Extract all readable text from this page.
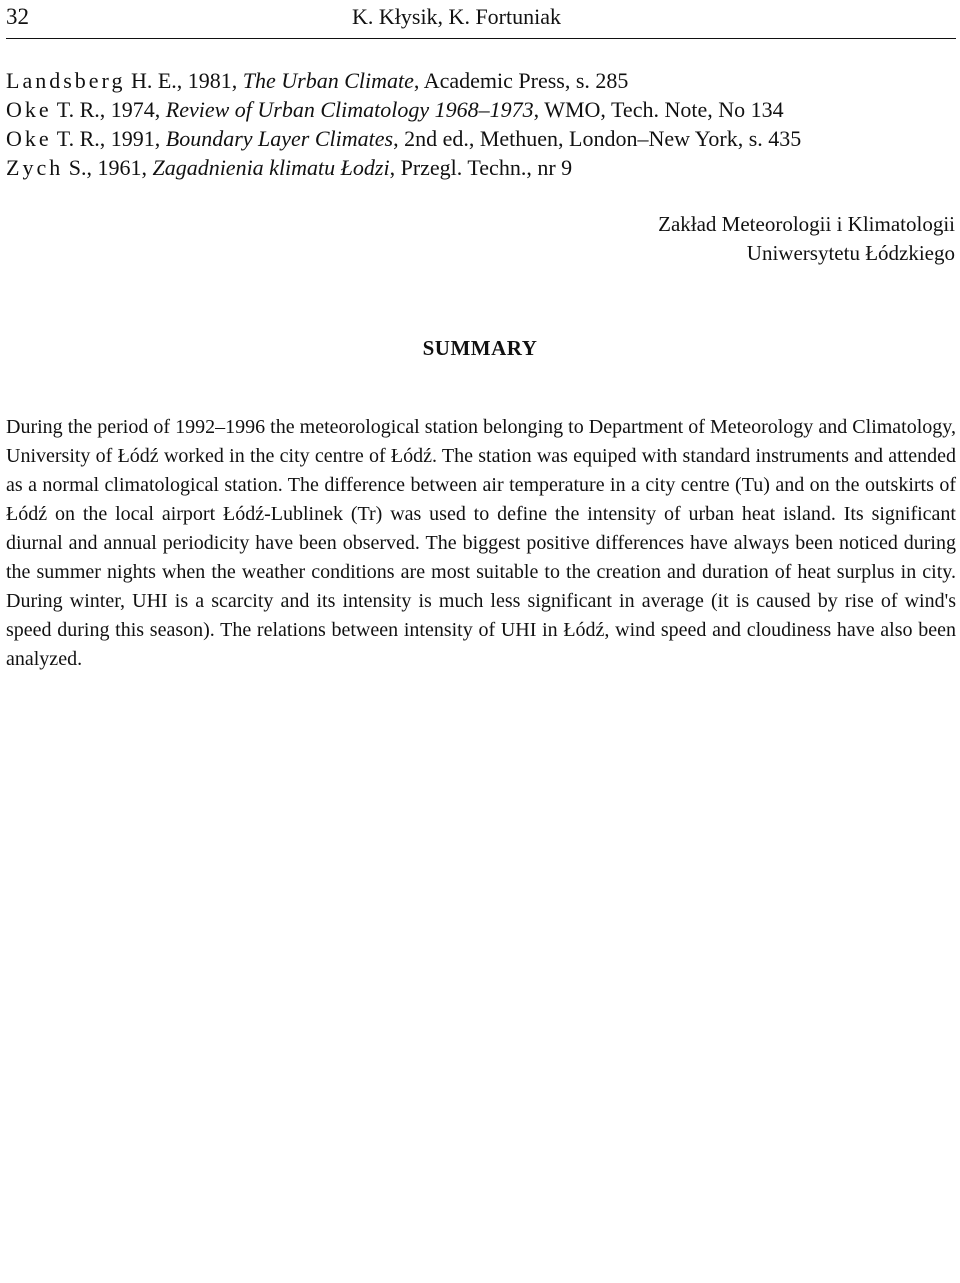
32	K. Kłysik, K. Fortuniak
Landsberg H. E., 1981, The Urban Climate, Academic Press, s. 285
Oke T. R., 1974, Review of Urban Climatology 1968–1973, WMO, Tech. Note, No 134
Oke T. R., 1991, Boundary Layer Climates, 2nd ed., Methuen, London–New York, s. 435
Zych S., 1961, Zagadnienia klimatu Łodzi, Przegl. Techn., nr 9
Zakład Meteorologii i Klimatologii
Uniwersytetu Łódzkiego
SUMMARY
During the period of 1992–1996 the meteorological station belonging to Department of Meteorology and Climatology, University of Łódź worked in the city centre of Łódź. The station was equiped with standard instruments and attended as a normal climatological station. The difference between air temperature in a city centre (Tu) and on the outskirts of Łódź on the local airport Łódź-Lublinek (Tr) was used to define the intensity of urban heat island. Its significant diurnal and annual periodicity have been observed. The biggest positive differences have always been noticed during the summer nights when the weather conditions are most suitable to the creation and duration of heat surplus in city. During winter, UHI is a scarcity and its intensity is much less significant in average (it is caused by rise of wind's speed during this season). The relations between intensity of UHI in Łódź, wind speed and cloudiness have also been analyzed.
